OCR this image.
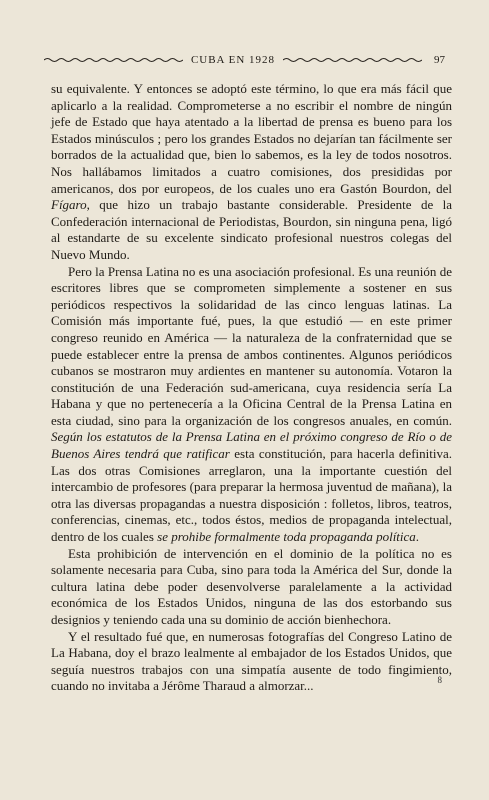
CUBA EN 1928	97

su equivalente. Y entonces se adoptó este término, lo que era más fácil que aplicarlo a la realidad. Comprometerse a no escribir el nombre de ningún jefe de Estado que haya atentado a la libertad de prensa es bueno para los Estados minúsculos ; pero los grandes Estados no dejarían tan fácilmente ser borrados de la actualidad que, bien lo sabemos, es la ley de todos nosotros. Nos hallábamos limitados a cuatro comisiones, dos presididas por americanos, dos por europeos, de los cuales uno era Gastón Bourdon, del Fígaro, que hizo un trabajo bastante considerable. Presidente de la Confederación internacional de Periodistas, Bourdon, sin ninguna pena, ligó al estandarte de su excelente sindicato profesional nuestros colegas del Nuevo Mundo.

Pero la Prensa Latina no es una asociación profesional. Es una reunión de escritores libres que se comprometen simplemente a sostener en sus periódicos respectivos la solidaridad de las cinco lenguas latinas. La Comisión más importante fué, pues, la que estudió — en este primer congreso reunido en América — la naturaleza de la confraternidad que se puede establecer entre la prensa de ambos continentes. Algunos periódicos cubanos se mostraron muy ardientes en mantener su autonomía. Votaron la constitución de una Federación sud-americana, cuya residencia sería La Habana y que no pertenecería a la Oficina Central de la Prensa Latina en esta ciudad, sino para la organización de los congresos anuales, en común. Según los estatutos de la Prensa Latina en el próximo congreso de Río o de Buenos Aires tendrá que ratificar esta constitución, para hacerla definitiva. Las dos otras Comisiones arreglaron, una la importante cuestión del intercambio de profesores (para preparar la hermosa juventud de mañana), la otra las diversas propagandas a nuestra disposición : folletos, libros, teatros, conferencias, cinemas, etc., todos éstos, medios de propaganda intelectual, dentro de los cuales se prohibe formalmente toda propaganda política.

Esta prohibición de intervención en el dominio de la política no es solamente necesaria para Cuba, sino para toda la América del Sur, donde la cultura latina debe poder desenvolverse paralelamente a la actividad económica de los Estados Unidos, ninguna de las dos estorbando sus designios y teniendo cada una su dominio de acción bienhechora.

Y el resultado fué que, en numerosas fotografías del Congreso Latino de La Habana, doy el brazo lealmente al embajador de los Estados Unidos, que seguía nuestros trabajos con una simpatía ausente de todo fingimiento, cuando no invitaba a Jérôme Tharaud a almorzar...	8
